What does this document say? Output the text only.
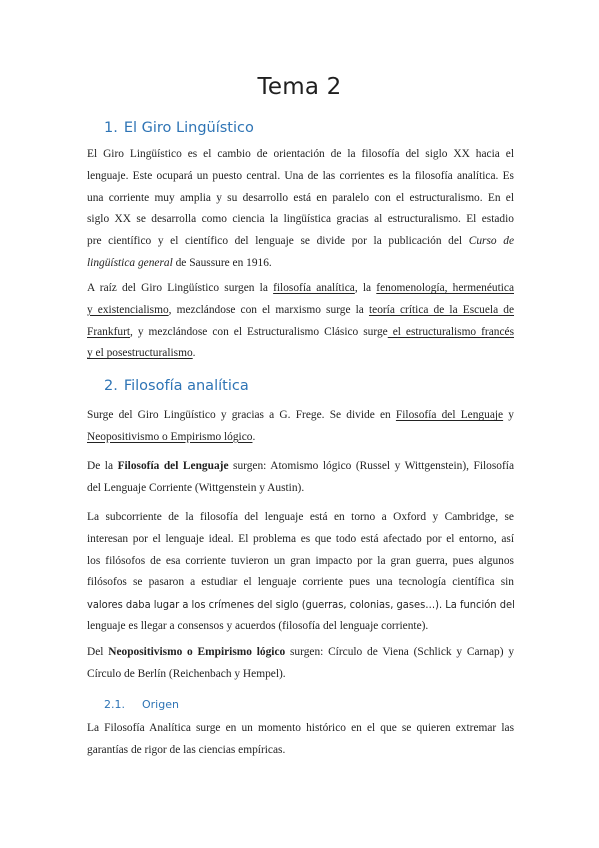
Tema 2
1. El Giro Lingüístico
El Giro Lingüístico es el cambio de orientación de la filosofía del siglo XX hacia el
lenguaje. Este ocupará un puesto central. Una de las corrientes es la filosofía analítica. Es
una corriente muy amplia y su desarrollo está en paralelo con el estructuralismo. En el
siglo XX se desarrolla como ciencia la lingüística gracias al estructuralismo. El estadio
pre científico y el científico del lenguaje se divide por la publicación del Curso de
lingüística general de Saussure en 1916.
A raíz del Giro Lingüístico surgen la filosofía analítica, la fenomenología, hermenéutica
y existencialismo, mezclándose con el marxismo surge la teoría crítica de la Escuela de
Frankfurt, y mezclándose con el Estructuralismo Clásico surge el estructuralismo francés
y el posestructuralismo.
2. Filosofía analítica
Surge del Giro Lingüístico y gracias a G. Frege. Se divide en Filosofía del Lenguaje y
Neopositivismo o Empirismo lógico.
De la Filosofía del Lenguaje surgen: Atomismo lógico (Russel y Wittgenstein), Filosofía
del Lenguaje Corriente (Wittgenstein y Austin).
La subcorriente de la filosofía del lenguaje está en torno a Oxford y Cambridge, se
interesan por el lenguaje ideal. El problema es que todo está afectado por el entorno, así
los filósofos de esa corriente tuvieron un gran impacto por la gran guerra, pues algunos
filósofos se pasaron a estudiar el lenguaje corriente pues una tecnología científica sin
valores daba lugar a los crímenes del siglo (guerras, colonias, gases…). La función del
lenguaje es llegar a consensos y acuerdos (filosofía del lenguaje corriente).
Del Neopositivismo o Empirismo lógico surgen: Círculo de Viena (Schlick y Carnap) y
Círculo de Berlín (Reichenbach y Hempel).
2.1. Origen
La Filosofía Analítica surge en un momento histórico en el que se quieren extremar las
garantías de rigor de las ciencias empíricas.
